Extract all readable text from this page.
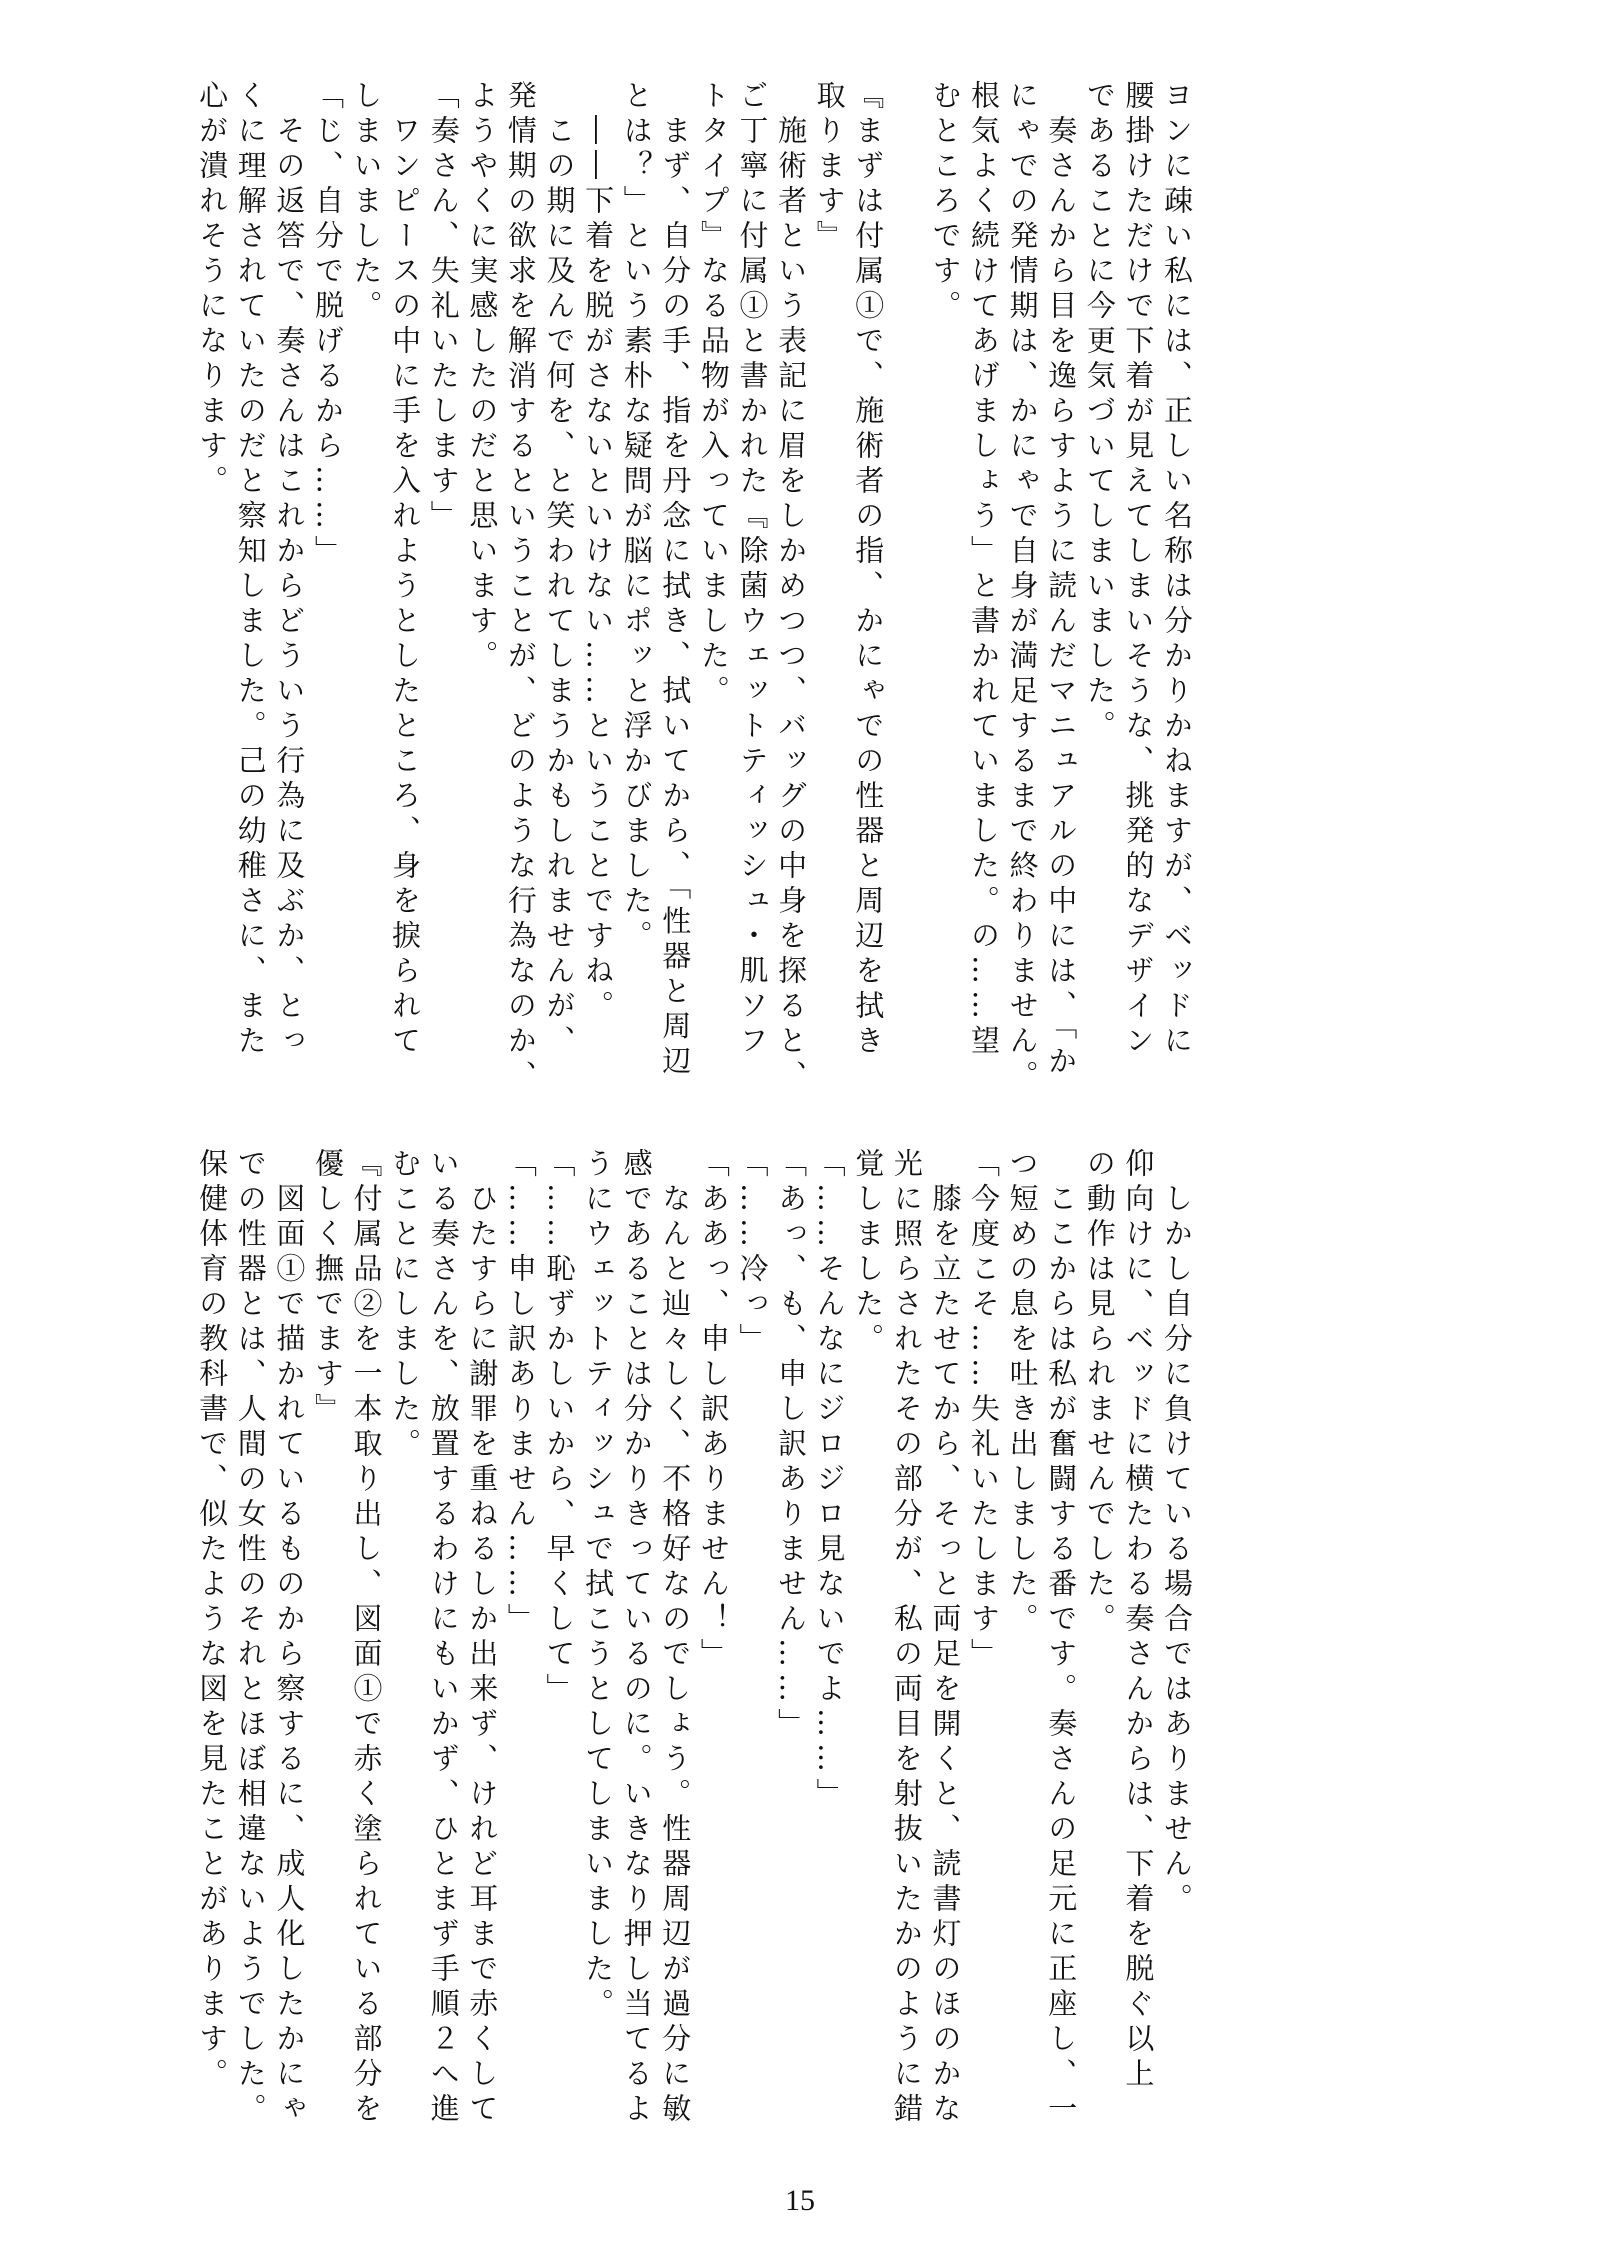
ヨンに疎い私には、正しい名称は分かりかねますが、ベッドに
腰掛けただけで下着が見えてしまいそうな、挑発的なデザイン
であることに今更気づいてしまいました。
奏さんから目を逸らすように読んだマニュアルの中には、「か
にゃでの発情期は、かにゃで自身が満足するまで終わりません。
根気よく続けてあげましょう」と書かれていました。の……望
むところです。
『まずは付属①で、施術者の指、かにゃでの性器と周辺を拭き
取ります』
施術者という表記に眉をしかめつつ、バッグの中身を探ると、
ご丁寧に付属①と書かれた『除菌ウェットティッシュ・肌ソフ
トタイプ』なる品物が入っていました。
まず、自分の手、指を丹念に拭き、拭いてから、「性器と周辺
とは？」という素朴な疑問が脳にポッと浮かびました。
――下着を脱がさないといけない……ということですね。
この期に及んで何を、と笑われてしまうかもしれませんが、
発情期の欲求を解消するということが、どのような行為なのか、
ようやくに実感したのだと思います。
「奏さん、失礼いたします」
ワンピースの中に手を入れようとしたところ、身を捩られて
しまいました。
「じ、自分で脱げるから……」
その返答で、奏さんはこれからどういう行為に及ぶか、とっ
くに理解されていたのだと察知しました。己の幼稚さに、また
心が潰れそうになります。
しかし自分に負けている場合ではありません。
仰向けに、ベッドに横たわる奏さんからは、下着を脱ぐ以上
の動作は見られませんでした。
ここからは私が奮闘する番です。奏さんの足元に正座し、一
つ短めの息を吐き出しました。
「今度こそ……失礼いたします」
膝を立たせてから、そっと両足を開くと、読書灯のほのかな
光に照らされたその部分が、私の両目を射抜いたかのように錯
覚しました。
「……そんなにジロジロ見ないでよ……」
「あっ、も、申し訳ありません……」
「……冷っ」
「ああっ、申し訳ありません！」
なんと辿々しく、不格好なのでしょう。性器周辺が過分に敏
感であることは分かりきっているのに。いきなり押し当てるよ
うにウェットティッシュで拭こうとしてしまいました。
「……恥ずかしいから、早くして」
「……申し訳ありません……」
ひたすらに謝罪を重ねるしか出来ず、けれど耳まで赤くして
いる奏さんを、放置するわけにもいかず、ひとまず手順２へ進
むことにしました。
『付属品②を一本取り出し、図面①で赤く塗られている部分を
優しく撫でます』
図面①で描かれているものから察するに、成人化したかにゃ
での性器とは、人間の女性のそれとほぼ相違ないようでした。
保健体育の教科書で、似たような図を見たことがあります。
15
